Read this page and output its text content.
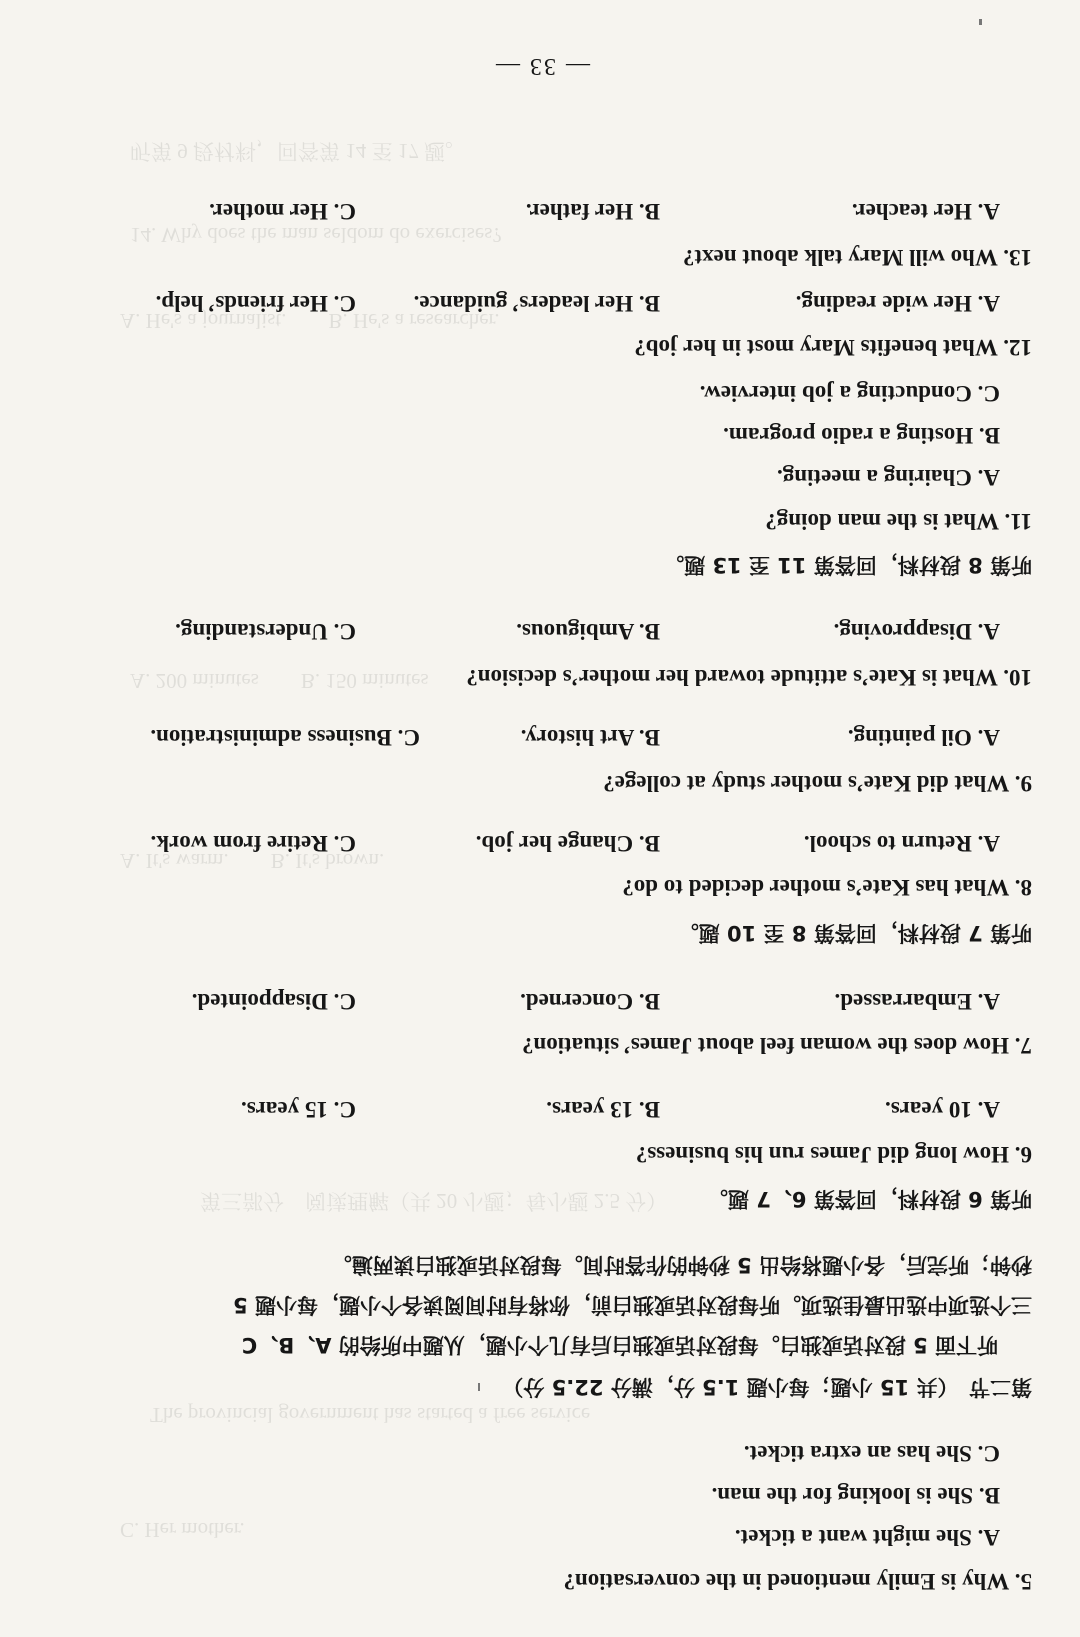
C. Her mother.
The provincial government has started a free service
第三部分　阅读理解（共 20 小题；每小题 2.5 分）
A. It's warm.　　B. It's brown.
A. 200 minutes　　B. 150 minutes
A. He's a journalist.　　B. He's a researcher.
14. Why does the man seldom do exercises?
听第 9 段材料，回答第 14 至 17 题。
5. Why is Emily mentioned in the conversation?
A. She might want a ticket.
B. She is looking for the man.
C. She has an extra ticket.
第二节　（共 15 小题；每小题 1.5 分，满分 22.5 分）
听下面 5 段对话或独白。每段对话或独白后有几个小题，从题中所给的 A、B、C
三个选项中选出最佳选项。听每段对话或独白前，你将有时间阅读各个小题，每小题 5
秒钟；听完后，各小题将给出 5 秒钟的作答时间。每段对话或独白读两遍。
听第 6 段材料，回答第 6、7 题。
6. How long did James run his business?
A. 10 years.
B. 13 years.
C. 15 years.
7. How does the woman feel about James’ situation?
A. Embarrassed.
B. Concerned.
C. Disappointed.
听第 7 段材料，回答第 8 至 10 题。
8. What has Kate’s mother decided to do?
A. Return to school.
B. Change her job.
C. Retire from work.
9. What did Kate’s mother study at college?
A. Oil painting.
B. Art history.
C. Business administration.
10. What is Kate’s attitude toward her mother’s decision?
A. Disapproving.
B. Ambiguous.
C. Understanding.
听第 8 段材料，回答第 11 至 13 题。
11. What is the man doing?
A. Chairing a meeting.
B. Hosting a radio program.
C. Conducting a job interview.
12. What benefits Mary most in her job?
A. Her wide reading.
B. Her leaders’ guidance.
C. Her friends’ help.
13. Who will Mary talk about next?
A. Her teacher.
B. Her father.
C. Her mother.
— 33 —
